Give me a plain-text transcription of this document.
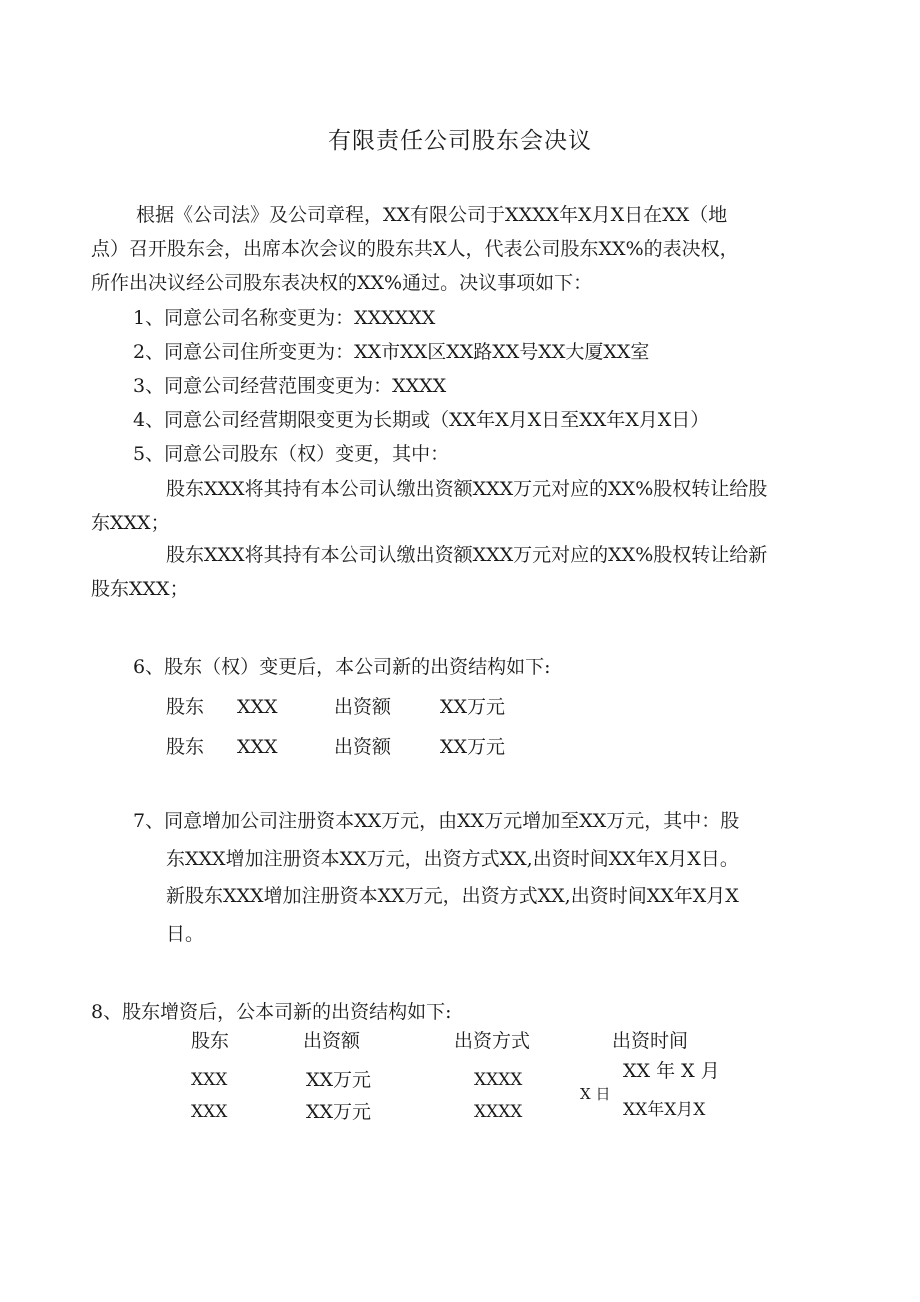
有限责任公司股东会决议
根据《公司法》及公司章程，XX有限公司于XXXX年X月X日在XX（地
点）召开股东会，出席本次会议的股东共X人，代表公司股东XX%的表决权，
所作出决议经公司股东表决权的XX%通过。决议事项如下：
1、同意公司名称变更为：XXXXXX
2、同意公司住所变更为：XX市XX区XX路XX号XX大厦XX室
3、同意公司经营范围变更为：XXXX
4、同意公司经营期限变更为长期或（XX年X月X日至XX年X月X日）
5、同意公司股东（权）变更，其中：
股东XXX将其持有本公司认缴出资额XXX万元对应的XX%股权转让给股
东XXX；
股东XXX将其持有本公司认缴出资额XXX万元对应的XX%股权转让给新
股东XXX；
6、股东（权）变更后，本公司新的出资结构如下:
股东 XXX	出资额	XX万元
股东 XXX	出资额	XX万元
7、同意增加公司注册资本XX万元，由XX万元增加至XX万元，其中：股
东XXX增加注册资本XX万元，出资方式XX,出资时间XX年X月X日。
新股东XXX增加注册资本XX万元，出资方式XX,出资时间XX年X月X
日。
8、股东增资后，公本司新的出资结构如下:
股东	出资额	出资方式	出资时间
XXX	XX万元	XXXX	XX 年 X 月
X 日
XXX	XX万元	XXXX	XX年X月X
